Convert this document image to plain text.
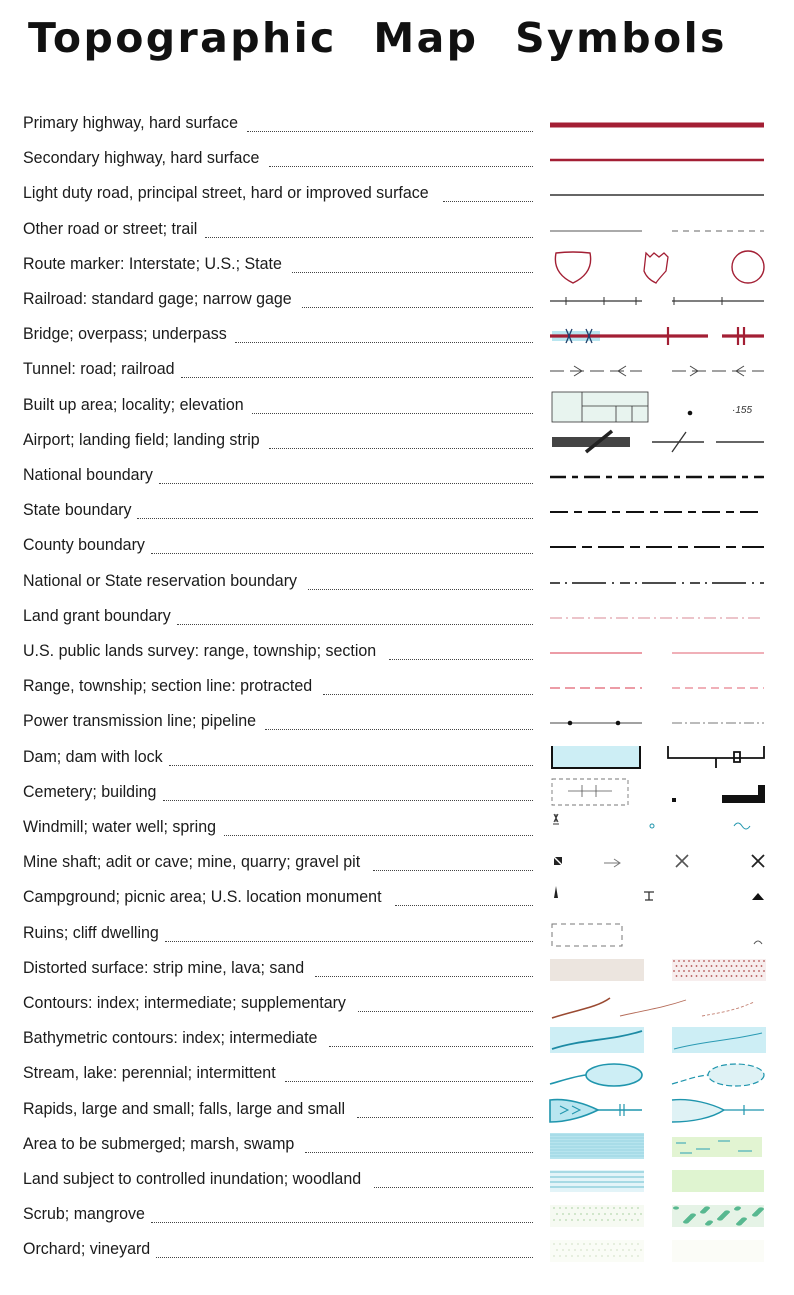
Topographic Map Symbols
Primary highway, hard surface
Secondary highway, hard surface
Light duty road, principal street, hard or improved surface
Other road or street; trail
Route marker: Interstate; U.S.; State
Railroad: standard gage; narrow gage
Bridge; overpass; underpass
Tunnel: road; railroad
Built up area; locality; elevation	·155
Airport; landing field; landing strip
National boundary
State boundary
County boundary
National or State reservation boundary
Land grant boundary
U.S. public lands survey: range, township; section
Range, township; section line: protracted
Power transmission line; pipeline
Dam; dam with lock
Cemetery; building
Windmill; water well; spring
Mine shaft; adit or cave; mine, quarry; gravel pit
Campground; picnic area; U.S. location monument
Ruins; cliff dwelling
Distorted surface: strip mine, lava; sand
Contours: index; intermediate; supplementary
Bathymetric contours: index; intermediate
Stream, lake: perennial; intermittent
Rapids, large and small; falls, large and small
Area to be submerged; marsh, swamp
Land subject to controlled inundation; woodland
Scrub; mangrove
Orchard; vineyard
